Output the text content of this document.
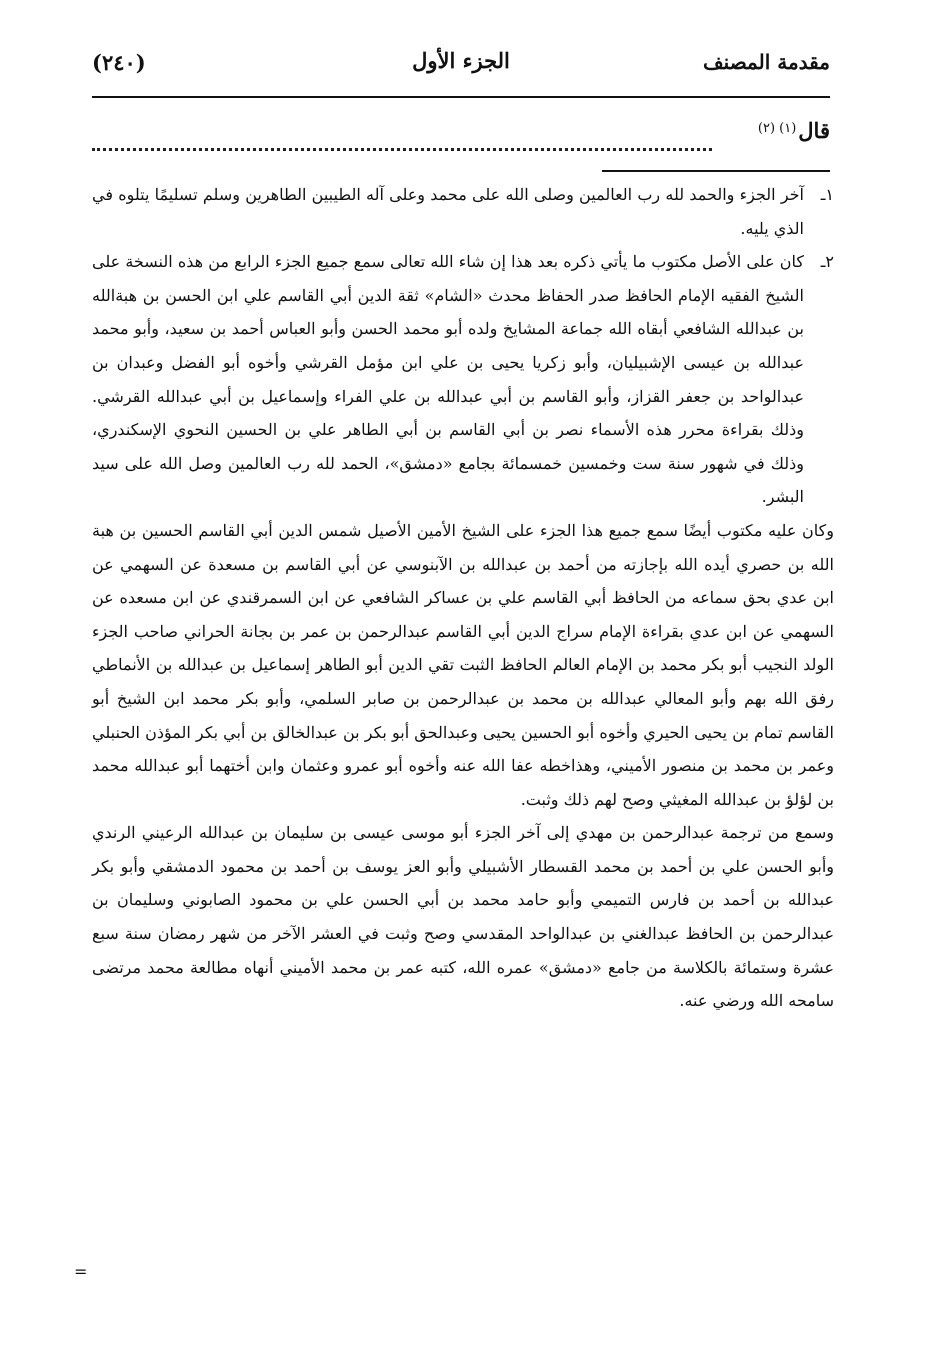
(٢٤٠)	الجزء الأول	مقدمة المصنف
قال$^{(١) (٢)}$

١ـ
آخر الجزء والحمد لله رب العالمين وصلى الله على محمد وعلى آله الطيبين الطاهرين وسلم تسليمًا يتلوه في الذي يليه.

٢ـ
كان على الأصل مكتوب ما يأتي ذكره بعد هذا إن شاء الله تعالى سمع جميع الجزء الرابع من هذه النسخة على الشيخ الفقيه الإمام الحافظ صدر الحفاظ محدث «الشام» ثقة الدين أبي القاسم علي ابن الحسن بن هبةالله بن عبدالله الشافعي أبقاه الله جماعة المشايخ ولده أبو محمد الحسن وأبو العباس أحمد بن سعيد، وأبو محمد عبدالله بن عيسى الإشبيليان، وأبو زكريا يحيى بن علي ابن مؤمل القرشي وأخوه أبو الفضل وعبدان بن عبدالواحد بن جعفر القزاز، وأبو القاسم بن أبي عبدالله بن علي الفراء وإسماعيل بن أبي عبدالله القرشي. وذلك بقراءة محرر هذه الأسماء نصر بن أبي القاسم بن أبي الطاهر علي بن الحسين النحوي الإسكندري، وذلك في شهور سنة ست وخمسين خمسمائة بجامع «دمشق»، الحمد لله رب العالمين وصل الله على سيد البشر.

وكان عليه مكتوب أيضًا سمع جميع هذا الجزء على الشيخ الأمين الأصيل شمس الدين أبي القاسم الحسين بن هبة الله بن حصري أيده الله بإجازته من أحمد بن عبدالله بن الآبنوسي عن أبي القاسم بن مسعدة عن السهمي عن ابن عدي بحق سماعه من الحافظ أبي القاسم علي بن عساكر الشافعي عن ابن السمرقندي عن ابن مسعده عن السهمي عن ابن عدي بقراءة الإمام سراج الدين أبي القاسم عبدالرحمن بن عمر بن بجانة الحراني صاحب الجزء الولد النجيب أبو بكر محمد بن الإمام العالم الحافظ الثبت تقي الدين أبو الطاهر إسماعيل بن عبدالله بن الأنماطي رفق الله بهم وأبو المعالي عبدالله بن محمد بن عبدالرحمن بن صابر السلمي، وأبو بكر محمد ابن الشيخ أبو القاسم تمام بن يحيى الحيري وأخوه أبو الحسين يحيى وعبدالحق أبو بكر بن عبدالخالق بن أبي بكر المؤذن الحنبلي وعمر بن محمد بن منصور الأميني، وهذاخطه عفا الله عنه وأخوه أبو عمرو وعثمان وابن أختهما أبو عبدالله محمد بن لؤلؤ بن عبدالله المغيثي وصح لهم ذلك وثبت.

وسمع من ترجمة عبدالرحمن بن مهدي إلى آخر الجزء أبو موسى عيسى بن سليمان بن عبدالله الرعيني الرندي وأبو الحسن علي بن أحمد بن محمد القسطار الأشبيلي وأبو العز يوسف بن أحمد بن محمود الدمشقي وأبو بكر عبدالله بن أحمد بن فارس التميمي وأبو حامد محمد بن أبي الحسن علي بن محمود الصابوني وسليمان بن عبدالرحمن بن الحافظ عبدالغني بن عبدالواحد المقدسي وصح وثبت في العشر الآخر من شهر رمضان سنة سبع عشرة وستمائة بالكلاسة من جامع «دمشق» عمره الله، كتبه عمر بن محمد الأميني أنهاه مطالعة محمد مرتضى سامحه الله ورضي عنه.

=
